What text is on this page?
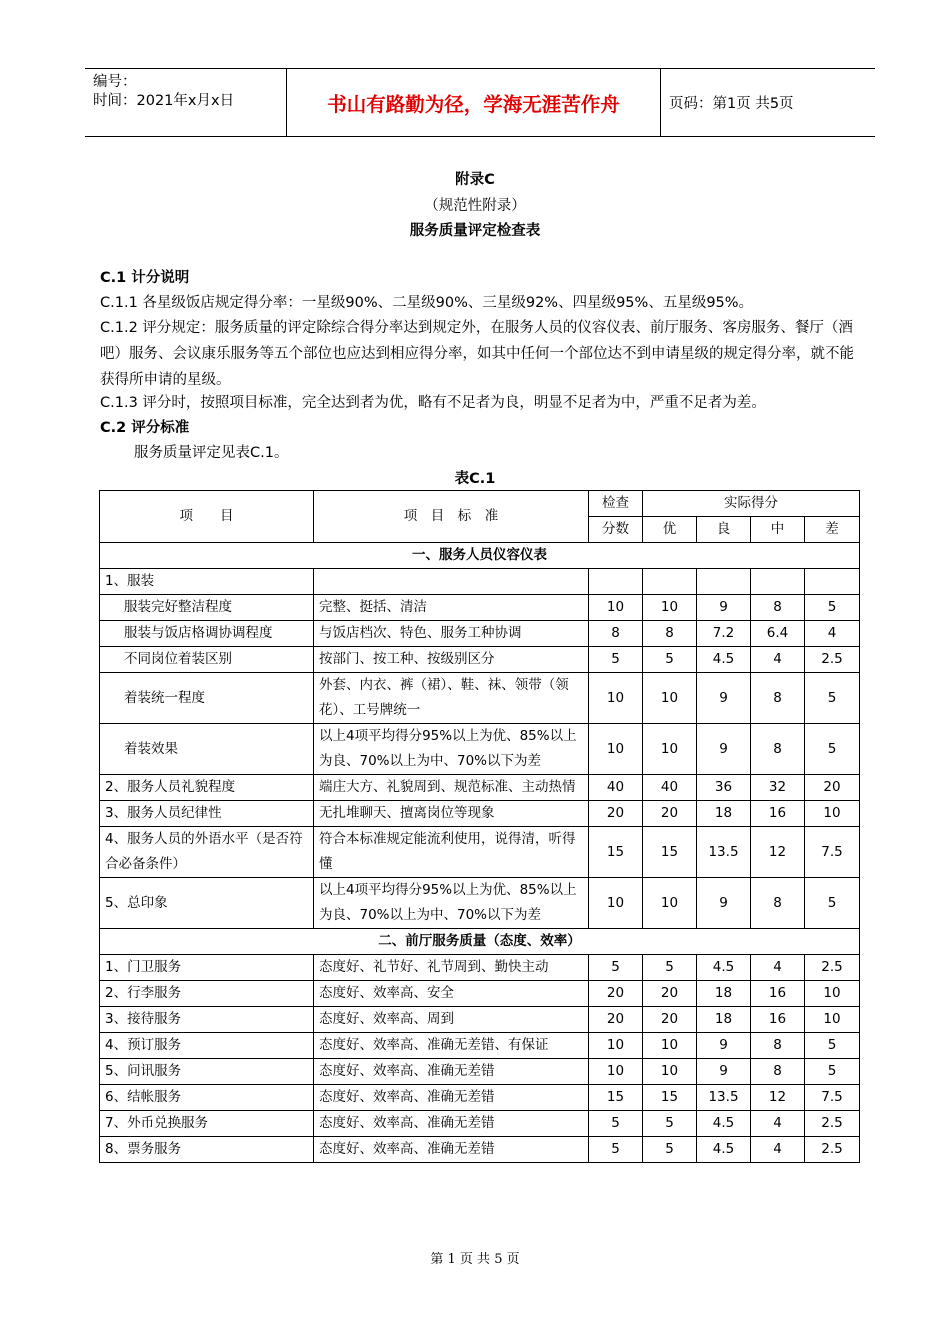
编号：
时间：2021年x月x日	书山有路勤为径，学海无涯苦作舟	页码：第1页 共5页
附录C
（规范性附录）
服务质量评定检查表
C.1 计分说明
C.1.1 各星级饭店规定得分率：一星级90%、二星级90%、三星级92%、四星级95%、五星级95%。
C.1.2 评分规定：服务质量的评定除综合得分率达到规定外，在服务人员的仪容仪表、前厅服务、客房服务、餐厅（酒吧）服务、会议康乐服务等五个部位也应达到相应得分率，如其中任何一个部位达不到申请星级的规定得分率，就不能获得所申请的星级。
C.1.3 评分时，按照项目标准，完全达到者为优，略有不足者为良，明显不足者为中，严重不足者为差。
C.2 评分标准
服务质量评定见表C.1。
表C.1
项　　目	项　目　标　准	检查	实际得分			
		分数	优	良	中	差
一、服务人员仪容仪表						
1、服装						
服装完好整洁程度	完整、挺括、清洁	10	10	9	8	5
服装与饭店格调协调程度	与饭店档次、特色、服务工种协调	8	8	7.2	6.4	4
不同岗位着装区别	按部门、按工种、按级别区分	5	5	4.5	4	2.5
着装统一程度	外套、内衣、裤（裙）、鞋、袜、领带（领花）、工号牌统一	10	10	9	8	5
着装效果	以上4项平均得分95%以上为优、85%以上为良、70%以上为中、70%以下为差	10	10	9	8	5
2、服务人员礼貌程度	端庄大方、礼貌周到、规范标准、主动热情	40	40	36	32	20
3、服务人员纪律性	无扎堆聊天、擅离岗位等现象	20	20	18	16	10
4、服务人员的外语水平（是否符合必备条件）	符合本标准规定能流利使用，说得清，听得懂	15	15	13.5	12	7.5
5、总印象	以上4项平均得分95%以上为优、85%以上为良、70%以上为中、70%以下为差	10	10	9	8	5
二、前厅服务质量（态度、效率）						
1、门卫服务	态度好、礼节好、礼节周到、勤快主动	5	5	4.5	4	2.5
2、行李服务	态度好、效率高、安全	20	20	18	16	10
3、接待服务	态度好、效率高、周到	20	20	18	16	10
4、预订服务	态度好、效率高、准确无差错、有保证	10	10	9	8	5
5、问讯服务	态度好、效率高、准确无差错	10	10	9	8	5
6、结帐服务	态度好、效率高、准确无差错	15	15	13.5	12	7.5
7、外币兑换服务	态度好、效率高、准确无差错	5	5	4.5	4	2.5
8、票务服务	态度好、效率高、准确无差错	5	5	4.5	4	2.5
第 1 页 共 5 页
